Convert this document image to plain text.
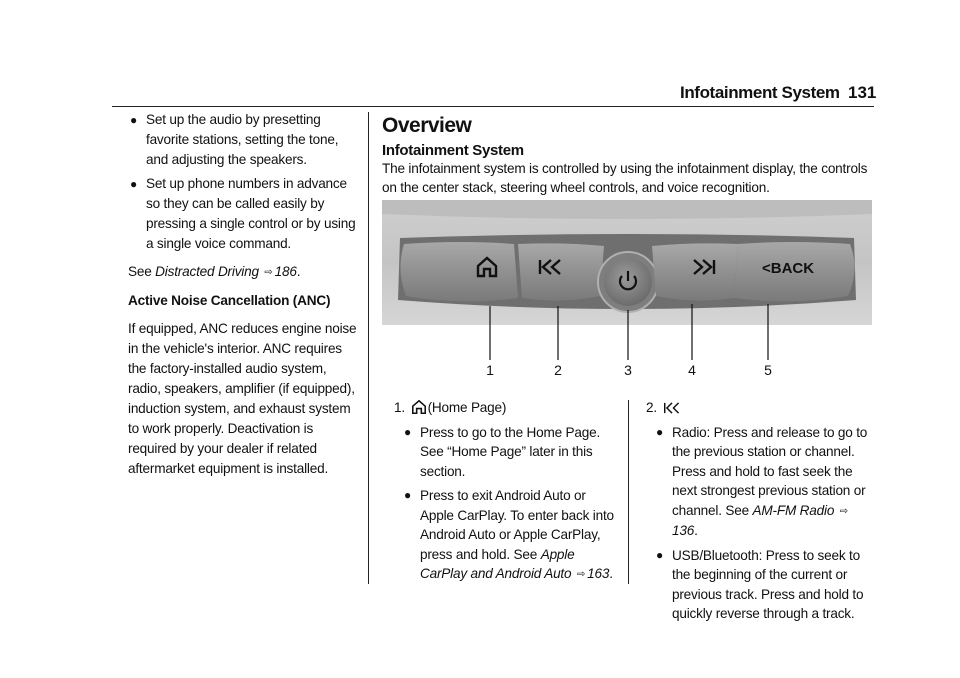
Infotainment System 131
● Set up the audio by presetting favorite stations, setting the tone, and adjusting the speakers.
● Set up phone numbers in advance so they can be called easily by pressing a single control or by using a single voice command.

See Distracted Driving ⇨ 186.

Active Noise Cancellation (ANC)

If equipped, ANC reduces engine noise in the vehicle's interior. ANC requires the factory-installed audio system, radio, speakers, amplifier (if equipped), induction system, and exhaust system to work properly. Deactivation is required by your dealer if related aftermarket equipment is installed.

Overview
Infotainment System
The infotainment system is controlled by using the infotainment display, the controls on the center stack, steering wheel controls, and voice recognition.
<BACK
1	2	3	4	5

1. (Home Page)

● Press to go to the Home Page. See “Home Page” later in this section.
● Press to exit Android Auto or Apple CarPlay. To enter back into Android Auto or Apple CarPlay, press and hold. See Apple CarPlay and Android Auto ⇨ 163.

2.

● Radio: Press and release to go to the previous station or channel. Press and hold to fast seek the next strongest previous station or channel. See AM-FM Radio ⇨136.
● USB/Bluetooth: Press to seek to the beginning of the current or previous track. Press and hold to quickly reverse through a track.
